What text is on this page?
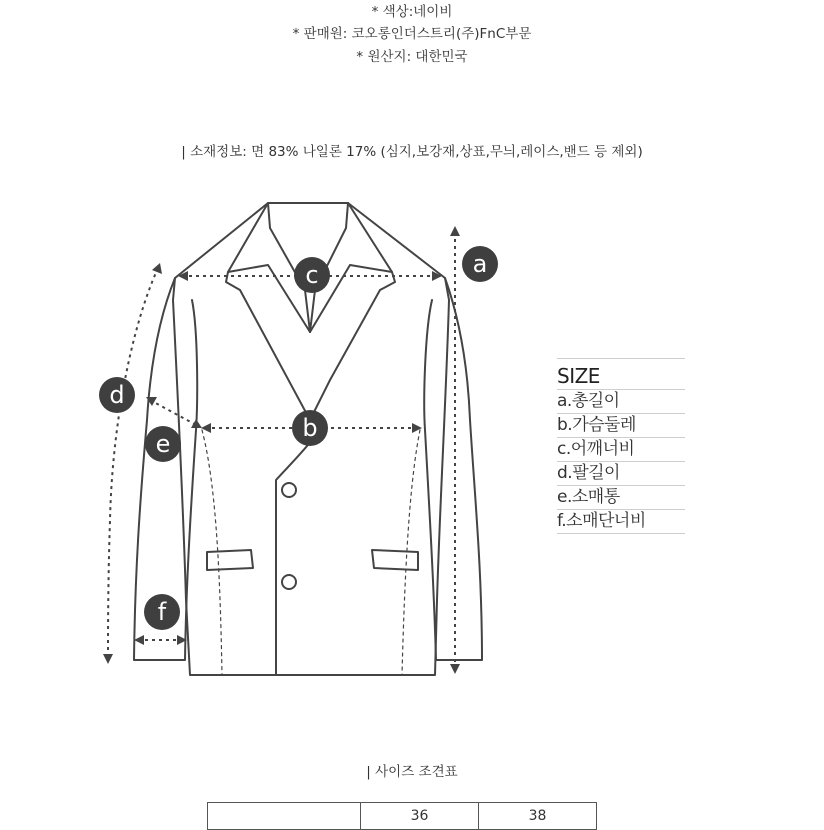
* 색상:네이비
* 판매원: 코오롱인더스트리(주)FnC부문
* 원산지: 대한민국
| 소재정보: 면 83% 나일론 17% (심지,보강재,상표,무늬,레이스,밴드 등 제외)
a
b
c
d
e
f
SIZE
a.총길이
b.가슴둘레
c.어깨너비
d.팔길이
e.소매통
f.소매단너비
| 사이즈 조견표
	36	38
